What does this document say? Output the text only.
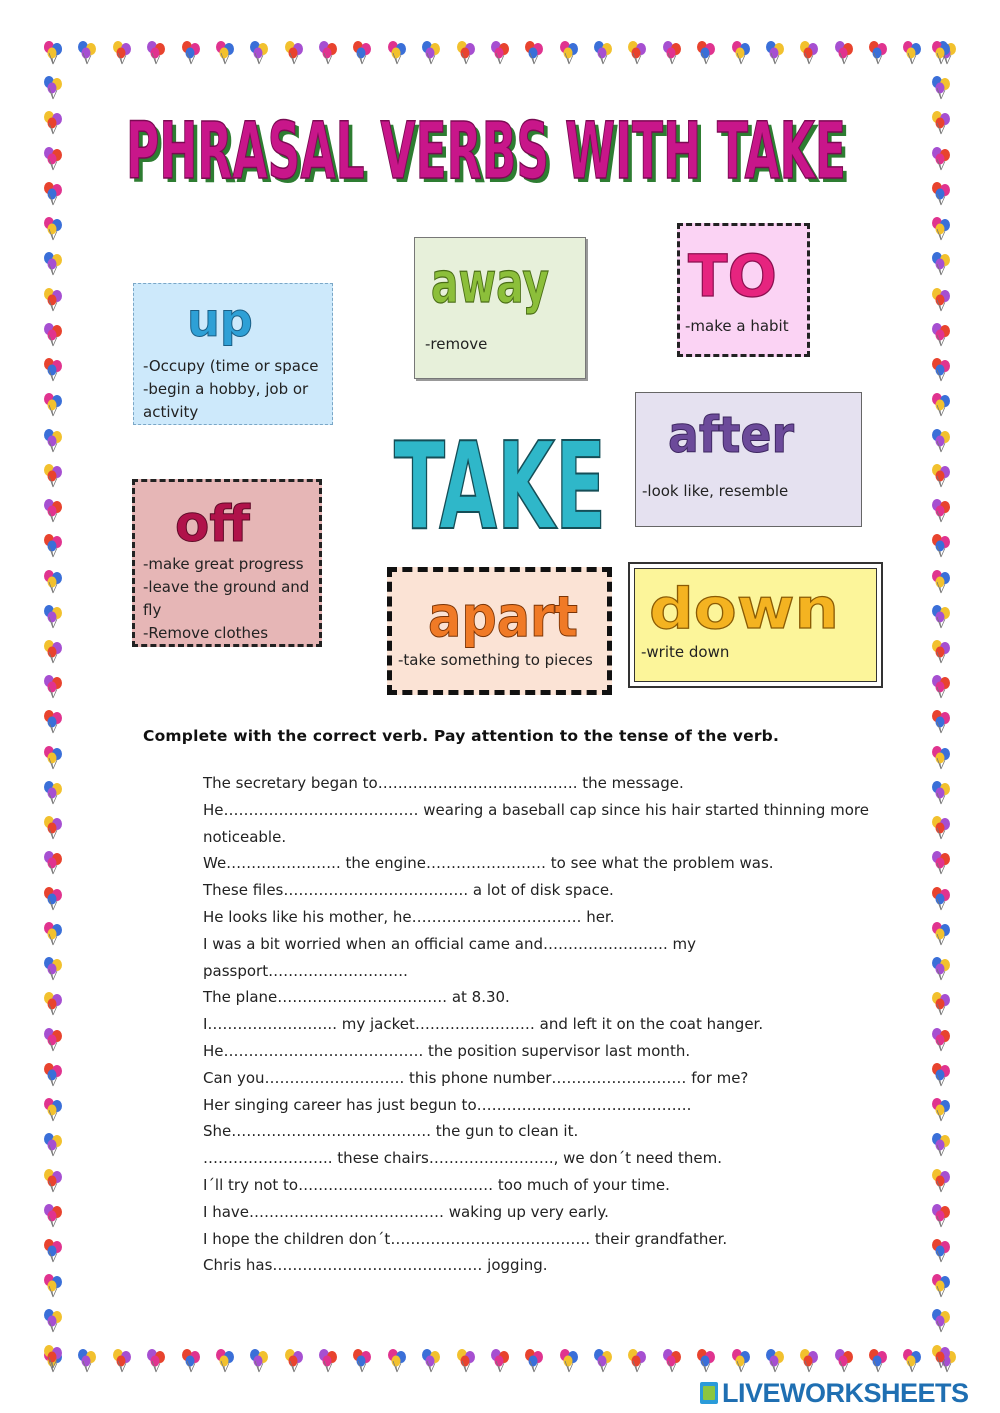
PHRASAL VERBS WITH TAKE
PHRASAL VERBS WITH TAKE
up

-Occupy (time or space

-begin a hobby, job or

activity

away

-remove

TO

-make a habit

TAKE after

-look like, resemble

off

-make great progress

-leave the ground and

fly

-Remove clothes	apart

-take something to pieces

down

-write down

Complete with the correct verb. Pay attention to the tense of the verb.
The secretary began to…………………………………. the message.
He………………………………… wearing a baseball cap since his hair started thinning more
noticeable.
We………………….. the engine…………………… to see what the problem was.
These files………………………………. a lot of disk space.
He looks like his mother, he……………………………. her.
I was a bit worried when an official came and……………………. my passport……………………….
The plane……………………………. at 8.30.
I…………………….. my jacket…………………… and left it on the coat hanger.
He…………………………………. the position supervisor last month.
Can you………………………. this phone number……………………… for me?
Her singing career has just begun to…………………………………….
She…………………………………. the gun to clean it.
…………………….. these chairs……………………., we don´t need them.
I´ll try not to………………………………… too much of your time.
I have………………………………… waking up very early.
I hope the children don´t…………………………………. their grandfather.
Chris has…………………………………… jogging.
LIVEWORKSHEETS
